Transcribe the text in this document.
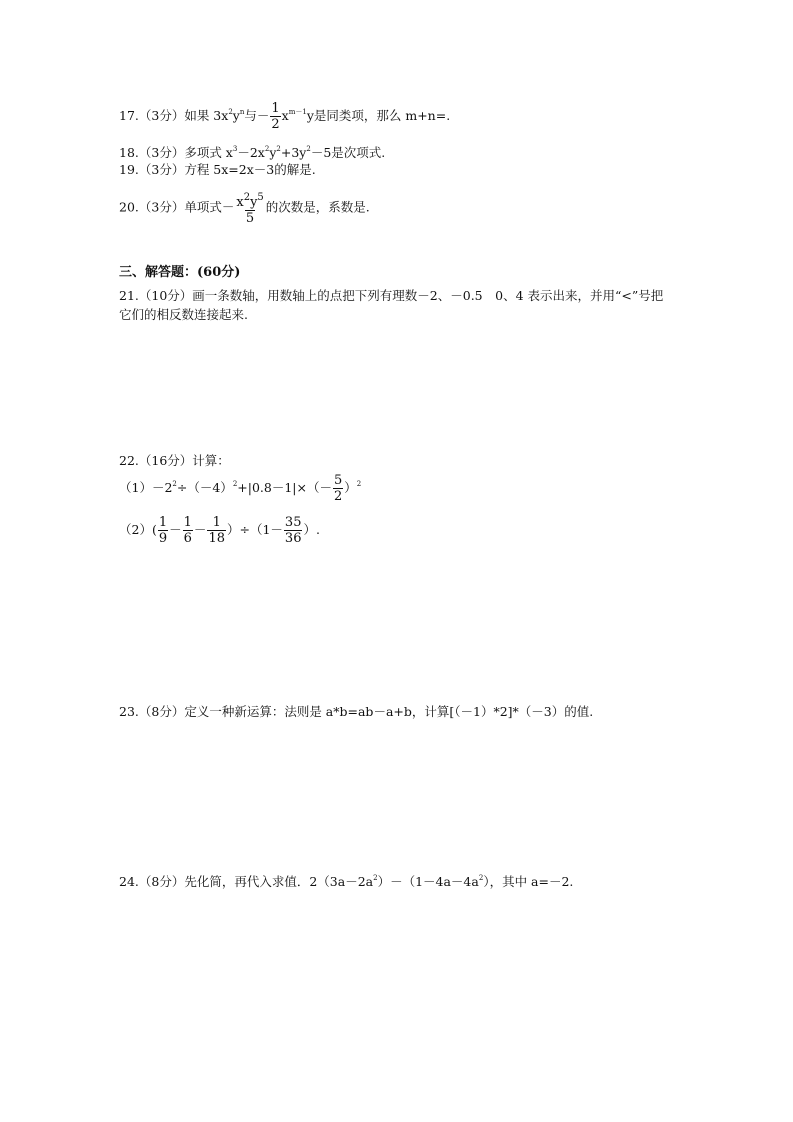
17.（3分）如果 $3x^2y^n$与－ $\frac{1}{2} x^{m-1}y$是同类项，那么 m+n=.
18.（3分）多项式 $x^3-2x^2y^2+3y^2-5$是次项式.
19.（3分）方程 5x=2x－3的解是.
20.（3分）单项式－ $\frac{x^2y^5}{5}$ 的次数是，系数是.
三、解答题：(60分)
21.（10分）画一条数轴，用数轴上的点把下列有理数－2、－0.5　0、4 表示出来，并用“<”号把它们的相反数连接起来.
22.（16分）计算：
$(1)-2^2\div(-4)^2+|0.8-1|\times(- \frac{5}{2} )^2$
$(2)( \frac{1}{9} - \frac{1}{6} - \frac{1}{18} )\div(1- \frac{35}{36}$ ）.
23.（8分）定义一种新运算：法则是 a*b=ab－a+b，计算[（－1）*2]*（－3）的值.
24.（8分）先化简，再代入求值．$2(3a-2a^2)-(1-4a-4a^2)$，其中 a=－2.
